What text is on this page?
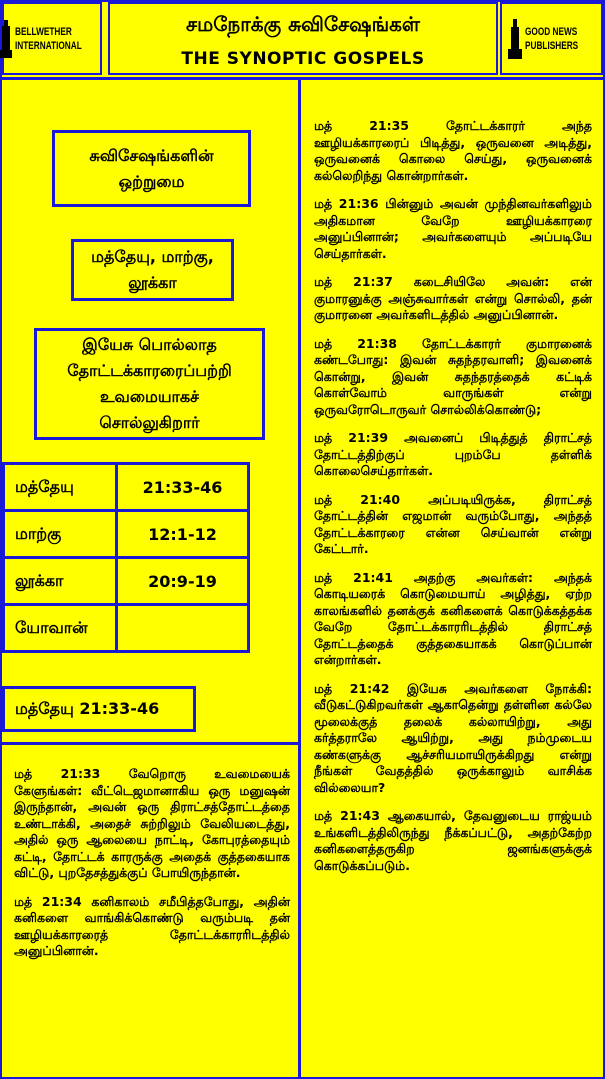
BELLWETHER
INTERNATIONAL
சமநோக்கு சுவிசேஷங்கள்
THE SYNOPTIC GOSPELS
GOOD NEWS
PUBLISHERS
சுவிசேஷங்களின் ஒற்றுமை
மத்தேயு, மாற்கு, லூக்கா
இயேசு பொல்லாத தோட்டக்காரரைப்பற்றி உவமையாகச் சொல்லுகிறார்
மத்தேயு	21:33-46
மாற்கு	12:1-12
லூக்கா	20:9-19
யோவான்	
மத்தேயு 21:33-46

மத் 21:33 வேறொரு உவமையைக் கேளுங்கள்: வீட்டெஜமானாகிய ஒரு மனுஷன் இருந்தான், அவன் ஒரு திராட்சத்தோட்டத்தை உண்டாக்கி, அதைச் சுற்றிலும் வேலியடைத்து, அதில் ஒரு ஆலையை நாட்டி, கோபுரத்தையும் கட்டி, தோட்டக் காரருக்கு அதைக் குத்தகையாக விட்டு, புறதேசத்துக்குப் போயிருந்தான்.

மத் 21:34 கனிகாலம் சமீபித்தபோது, அதின் கனிகளை வாங்கிக்கொண்டு வரும்படி தன் ஊழியக்காரரைத் தோட்டக்காரரிடத்தில் அனுப்பினான்.

மத் 21:35 தோட்டக்காரர் அந்த ஊழியக்காரரைப் பிடித்து, ஒருவனை அடித்து, ஒருவனைக் கொலை செய்து, ஒருவனைக் கல்லெறிந்து கொன்றார்கள்.

மத் 21:36 பின்னும் அவன் முந்தினவர்களிலும் அதிகமான வேறே ஊழியக்காரரை அனுப்பினான்; அவர்களையும் அப்படியே செய்தார்கள்.

மத் 21:37 கடைசியிலே அவன்: என் குமாரனுக்கு அஞ்சுவார்கள் என்று சொல்லி, தன் குமாரனை அவர்களிடத்தில் அனுப்பினான்.

மத் 21:38 தோட்டக்காரர் குமாரனைக் கண்டபோது: இவன் சுதந்தரவாளி; இவனைக் கொன்று, இவன் சுதந்தரத்தைக் கட்டிக் கொள்வோம் வாருங்கள் என்று ஒருவரோடொருவர் சொல்லிக்கொண்டு;

மத் 21:39 அவனைப் பிடித்துத் திராட்சத் தோட்டத்திற்குப் புறம்பே தள்ளிக் கொலைசெய்தார்கள்.

மத் 21:40 அப்படியிருக்க, திராட்சத் தோட்டத்தின் எஜமான் வரும்போது, அந்தத் தோட்டக்காரரை என்ன செய்வான் என்று கேட்டார்.

மத் 21:41 அதற்கு அவர்கள்: அந்தக் கொடியரைக் கொடுமையாய் அழித்து, ஏற்ற காலங்களில் தனக்குக் கனிகளைக் கொடுக்கத்தக்க வேறே தோட்டக்காரரிடத்தில் திராட்சத் தோட்டத்தைக் குத்தகையாகக் கொடுப்பான் என்றார்கள்.

மத் 21:42 இயேசு அவர்களை நோக்கி: வீடுகட்டுகிறவர்கள் ஆகாதென்று தள்ளின கல்லே மூலைக்குத் தலைக் கல்லாயிற்று, அது கர்த்தராலே ஆயிற்று, அது நம்முடைய கண்களுக்கு ஆச்சரியமாயிருக்கிறது என்று நீங்கள் வேதத்தில் ஒருக்காலும் வாசிக்க வில்லையா?

மத் 21:43 ஆகையால், தேவனுடைய ராஜ்யம் உங்களிடத்திலிருந்து நீக்கப்பட்டு, அதற்கேற்ற கனிகளைத்தருகிற ஜனங்களுக்குக் கொடுக்கப்படும்.
